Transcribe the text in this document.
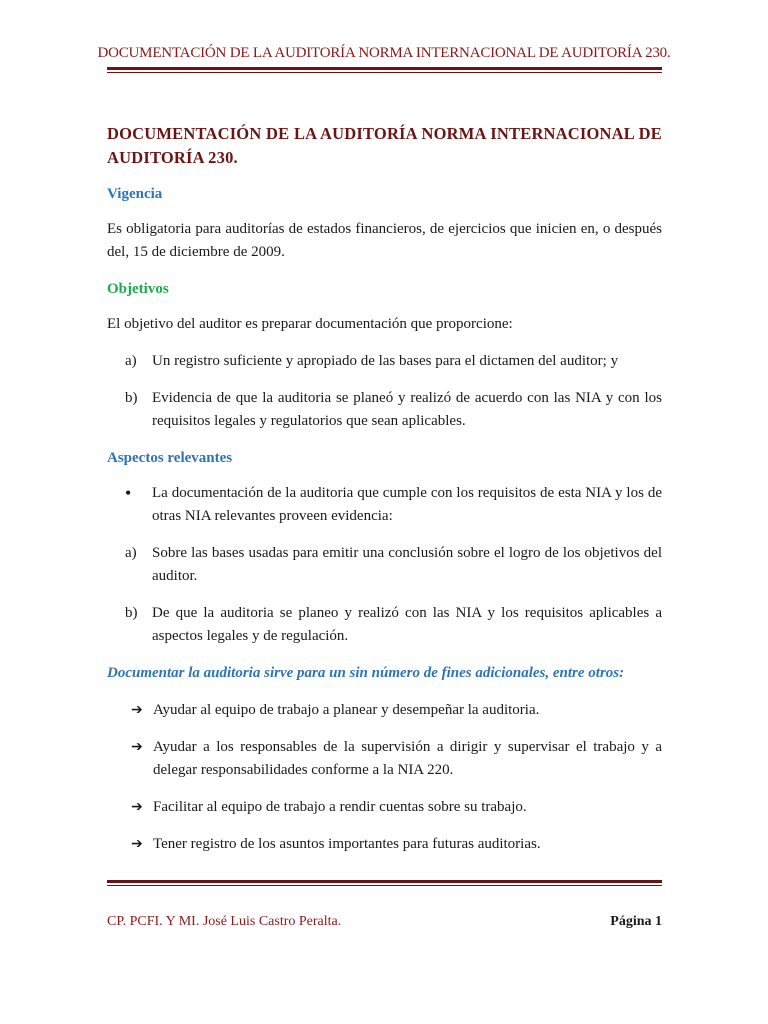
DOCUMENTACIÓN DE LA AUDITORÍA NORMA INTERNACIONAL DE AUDITORÍA 230.
DOCUMENTACIÓN DE LA AUDITORÍA NORMA INTERNACIONAL DE AUDITORÍA 230.
Vigencia

Es obligatoria para auditorías de estados financieros, de ejercicios que inicien en, o después del, 15 de diciembre de 2009.

Objetivos

El objetivo del auditor es preparar documentación que proporcione:

a)	Un registro suficiente y apropiado de las bases para el dictamen del auditor; y
b) Evidencia de que la auditoria se planeó y realizó de acuerdo con las NIA y con los requisitos legales y regulatorios que sean aplicables.
Aspectos relevantes
•	La documentación de la auditoria que cumple con los requisitos de esta NIA y los de otras NIA relevantes proveen evidencia:
a)	Sobre las bases usadas para emitir una conclusión sobre el logro de los objetivos del auditor.
b) De que la auditoria se planeo y realizó con las NIA y los requisitos aplicables a aspectos legales y de regulación.
Documentar la auditoria sirve para un sin número de fines adicionales, entre otros:
➔ Ayudar al equipo de trabajo a planear y desempeñar la auditoria.
➔ Ayudar a los responsables de la supervisión a dirigir y supervisar el trabajo y a delegar responsabilidades conforme a la NIA 220.
➔ Facilitar al equipo de trabajo a rendir cuentas sobre su trabajo.
➔ Tener registro de los asuntos importantes para futuras auditorias.
CP. PCFI. Y MI. José Luis Castro Peralta.	Página 1
